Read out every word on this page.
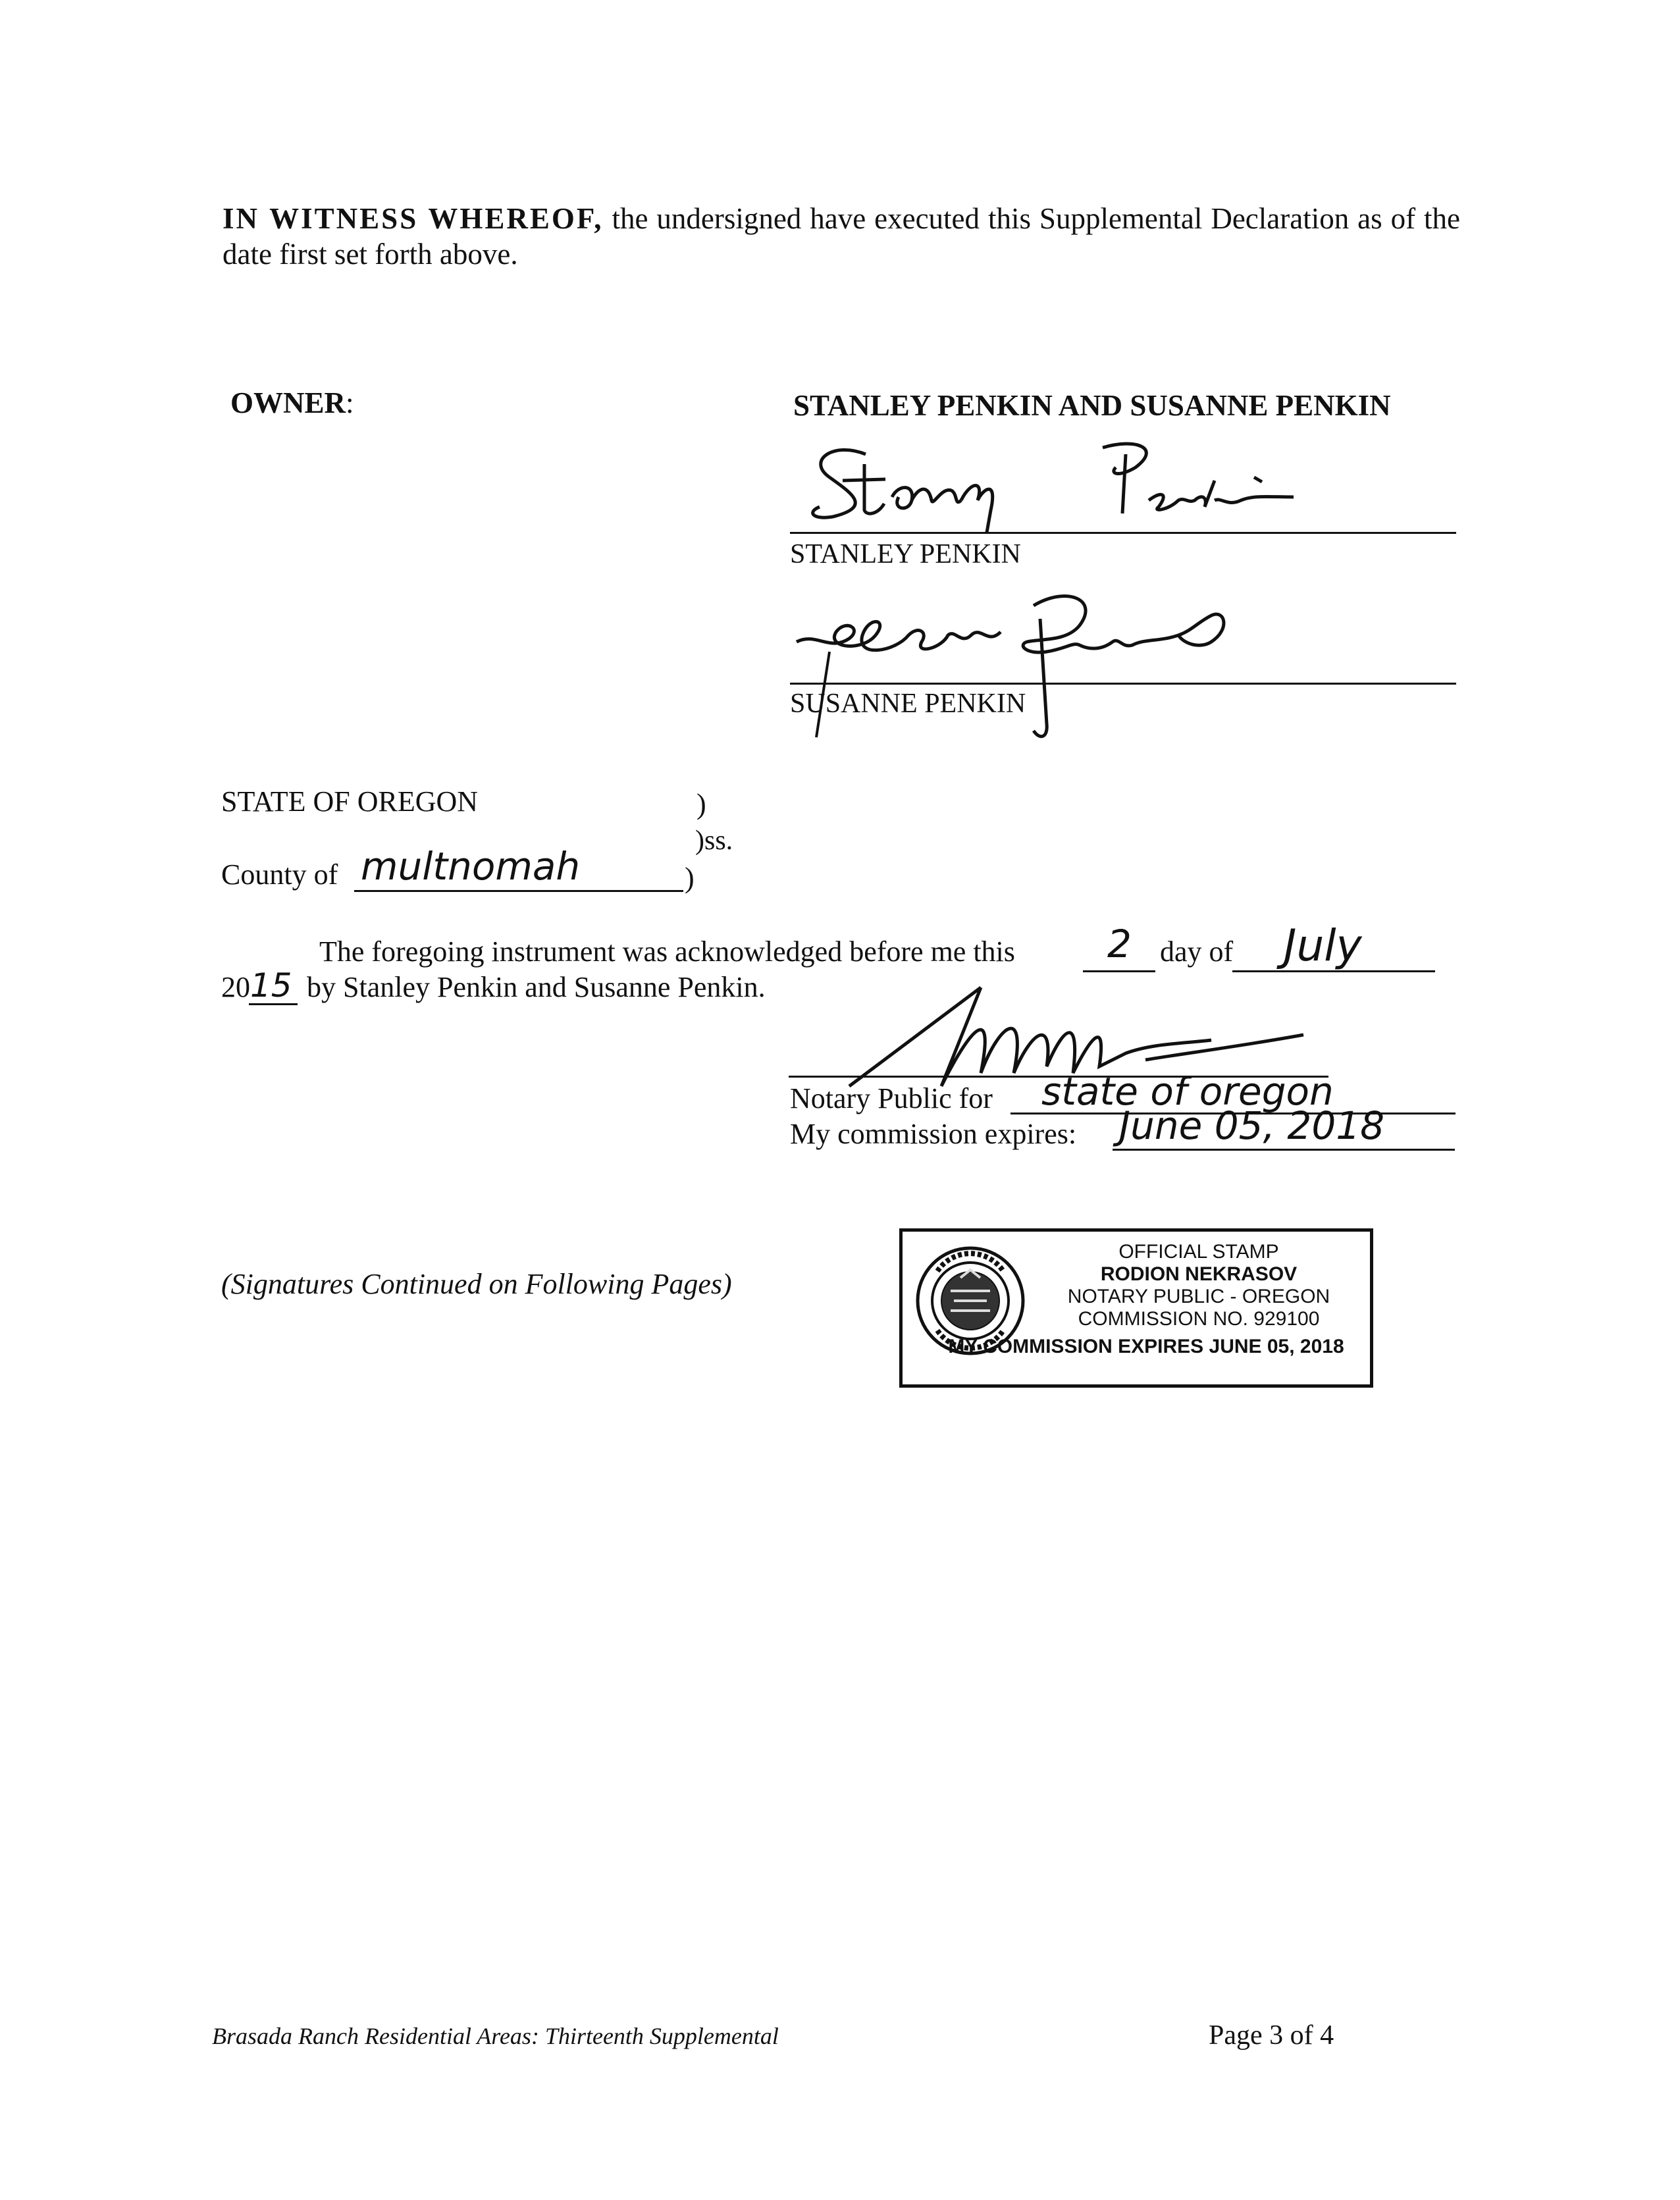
IN WITNESS WHEREOF, the undersigned have executed this Supplemental Declaration as of the date first set forth above.
OWNER:	STANLEY PENKIN AND SUSANNE PENKIN
STANLEY PENKIN
SUSANNE PENKIN
STATE OF OREGON	)
)ss.
County of multnomah	)
The foregoing instrument was acknowledged before me this 2 day of July
20 15 by Stanley Penkin and Susanne Penkin.
Notary Public for state of oregon
My commission expires: June 05, 2018
(Signatures Continued on Following Pages)
OFFICIAL STAMP
RODION NEKRASOV
NOTARY PUBLIC - OREGON
COMMISSION NO. 929100
MY COMMISSION EXPIRES JUNE 05, 2018
Brasada Ranch Residential Areas: Thirteenth Supplemental	Page 3 of 4
